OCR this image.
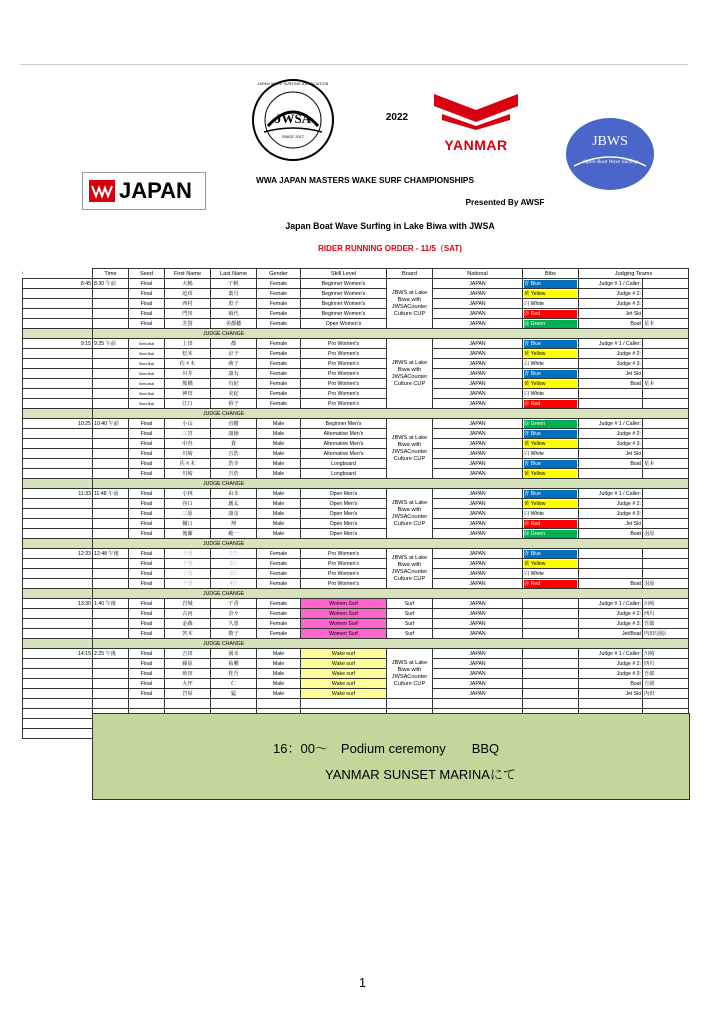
JWSA
SINCE 2017
JAPAN WAKE SURFING ASSOCIATION
2022
YANMAR	JBWS
Japan Boat Wave Surfing
JAPAN	WWA JAPAN MASTERS WAKE SURF CHAMPIONSHIPS
Presented By AWSF
Japan Boat Wave Surfing in Lake Biwa with JWSA
RIDER RUNNING ORDER - 11/5（SAT)
	Time	Seed	First Name	Last Name	Gender	Skill Level	Board	National	Bibs	Judging Teams	
8:45	8:30 午前	Final	大嶋	千帆	Female	Beginner Women's	JBWS at Lake Biwa with JWSACounter Culture CUP	JAPAN	青 Blue	Judge # 1 / Caller:	
		Final	迫田	葉月	Female	Beginner Women's		JAPAN	黄 Yellow	Judge # 2:	
		Final	西村	恵子	Female	Beginner Women's		JAPAN	白 White	Judge # 3:	
		Final	門田	碩代	Female	Beginner Women's		JAPAN	赤 Red	Jet Ski	
		Final	芳賀	美都穂	Female	Open Women's		JAPAN	緑 Green	Boat	星本
	JUDGE CHANGE										
9:15	9:25 午前	Semi-final	上田	都	Female	Pro Women's	JBWS at Lake Biwa with JWSACounter Culture CUP	JAPAN	青 Blue	Judge # 1 / Caller:	
		Semi-final	松本	京子	Female	Pro Women's		JAPAN	黄 Yellow	Judge # 2:	
		Semi-final	佐々木	萌子	Female	Pro Women's		JAPAN	白 White	Judge # 3:	
		Semi-final	川井	康有	Female	Pro Women's		JAPAN	青 Blue	Jet Ski	
		Semi-final	熊橋	有紀	Female	Pro Women's		JAPAN	黄 Yellow	Boat	星本
		Semi-final	神田	美紀	Female	Pro Women's		JAPAN	白 White		

		Semi-final	江口	裕子	Female	Pro Women's		JAPAN	赤 Red		

	JUDGE CHANGE										
10:25	10:40 午前	Final	小山	直樹	Male	Beginner Men's	JBWS at Lake Biwa with JWSACounter Culture CUP	JAPAN	緑 Green	Judge # 1 / Caller:	
		Final	三宮	康徳	Male	Alternative Men's		JAPAN	青 Blue	Judge # 2:	
		Final	中谷	貴	Male	Alternative Men's		JAPAN	黄 Yellow	Judge # 3:	
		Final	川崎	吉浩	Male	Alternative Men's		JAPAN	白 White	Jet Ski	
		Final	佐々木	浩幸	Male	Longboard		JAPAN	青 Blue	Boat	星本
		Final	川崎	吉浩	Male	Longboard		JAPAN	黄 Yellow		

	JUDGE CHANGE										
11:33	11:48 午前	Final	小林	由幸	Male	Open Men's	JBWS at Lake Biwa with JWSACounter Culture CUP	JAPAN	青 Blue	Judge # 1 / Caller:	
		Final	谷口	創太	Male	Open Men's		JAPAN	黄 Yellow	Judge # 2:	
		Final	三原	康彦	Male	Open Men's		JAPAN	白 White	Judge # 3:	
		Final	樋口	翔	Male	Open Men's		JAPAN	赤 Red	Jet Ski	
		Final	後藤	範一	Male	Open Men's		JAPAN	緑 Green	Boat	羽原
	JUDGE CHANGE										
12:33	12:48 午後	Final	予選	1位	Female	Pro Women's	JBWS at Lake Biwa with JWSACounter Culture CUP	JAPAN	青 Blue		

		Final	予選	2位	Female	Pro Women's		JAPAN	黄 Yellow		

		Final	予選	3位	Female	Pro Women's		JAPAN	白 White		

		Final	予選	4位	Female	Pro Women's		JAPAN	赤 Red	Boat	羽原
	JUDGE CHANGE										
13:30	1:40 午後	Final	岩城	千香	Female	Women Surf	Surf	JAPAN		Judge # 1 / Caller:	川崎
		Final	古河	奈々	Female	Women Surf	Surf	JAPAN		Judge # 2:	西川
		Final	金森	久恵	Female	Women Surf	Surf	JAPAN		Judge # 3:	吾郎
		Final	筈木	敬子	Female	Women Surf	Surf	JAPAN		Jet/Boat	内田/羽原
	JUDGE CHANGE										
14:15	2:25 午後	Final	吉田	満幸	Male	Wake surf	JBWS at Lake Biwa with JWSACounter Culture CUP	JAPAN		Judge # 1 / Caller:	川崎
		Final	藤原	祐腫	Male	Wake surf		JAPAN		Judge # 2:	西川
		Final	砂田	桂吾	Male	Wake surf		JAPAN		Judge # 3:	吾郎
		Final	大坪	仁	Male	Wake surf		JAPAN		Boat	吉岡
		Final	岩屋	猛	Male	Wake surf		JAPAN		Jet Ski	内田

16：00～　Podium ceremony　　BBQ
YANMAR SUNSET MARINAにて
1
